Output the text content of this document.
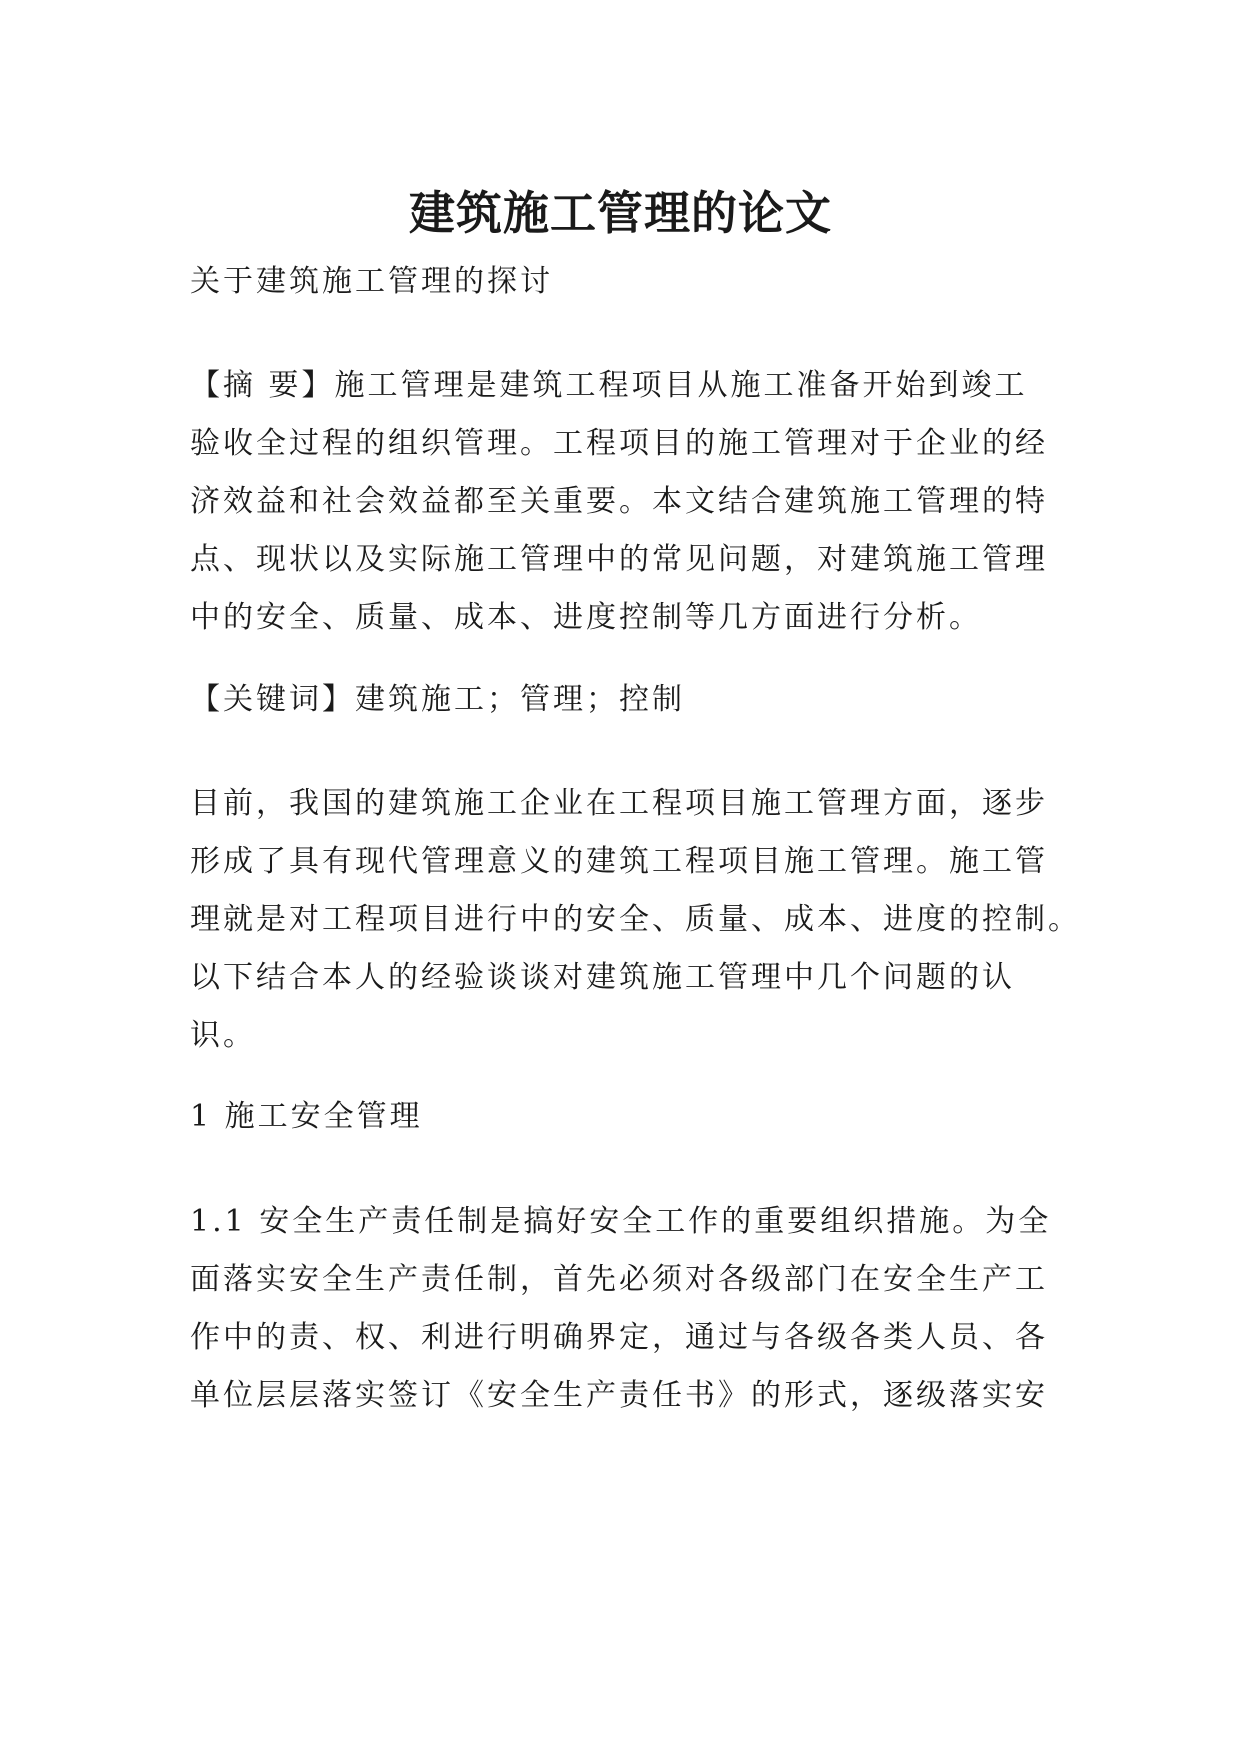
建筑施工管理的论文

关于建筑施工管理的探讨

【摘 要】施工管理是建筑工程项目从施工准备开始到竣工
验收全过程的组织管理。工程项目的施工管理对于企业的经
济效益和社会效益都至关重要。本文结合建筑施工管理的特
点、现状以及实际施工管理中的常见问题，对建筑施工管理
中的安全、质量、成本、进度控制等几方面进行分析。

【关键词】建筑施工；管理；控制

目前，我国的建筑施工企业在工程项目施工管理方面，逐步
形成了具有现代管理意义的建筑工程项目施工管理。施工管
理就是对工程项目进行中的安全、质量、成本、进度的控制。
以下结合本人的经验谈谈对建筑施工管理中几个问题的认
识。

1 施工安全管理

1.1 安全生产责任制是搞好安全工作的重要组织措施。为全
面落实安全生产责任制，首先必须对各级部门在安全生产工
作中的责、权、利进行明确界定，通过与各级各类人员、各
单位层层落实签订《安全生产责任书》的形式，逐级落实安
